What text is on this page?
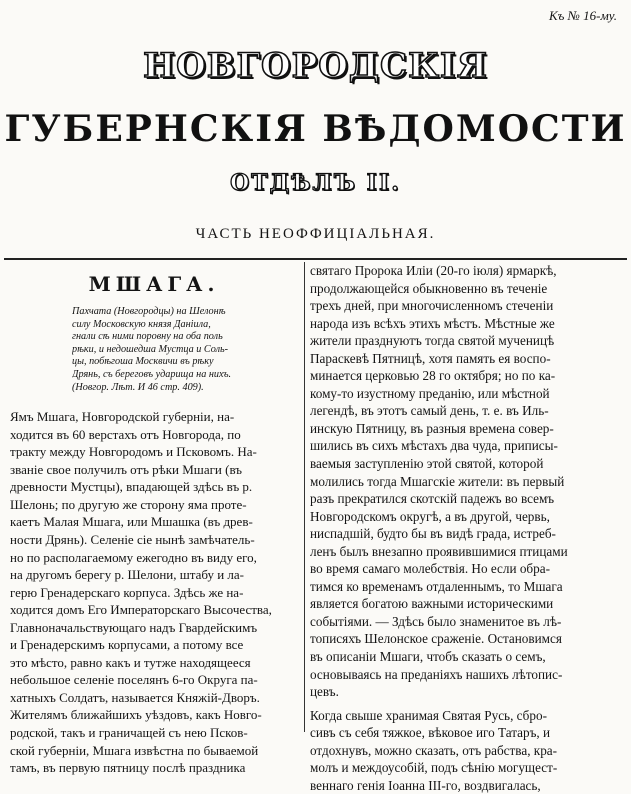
Къ № 16-му.
НОВГОРОДСКІЯ
ГУБЕРНСКІЯ ВѢДОМОСТИ
ОТДѢЛЪ II.
ЧАСТЬ НЕОФФИЦІАЛЬНАЯ.
МШАГА.
Пахчата (Новгородцы) на Шелонѣ
силу Московскую князя Даніила,
гнали сѣ ними поровну на оба поль
рѣки, и недошедша Мустца и Соль-
цы, побѣгоша Москвичи въ рѣку
Дрянь, съ береговъ ударища на нихъ.
(Новгор. Лѣт. И 46 стр. 409).
Ямъ Мшага, Новгородской губерніи, на-
ходится въ 60 верстахъ отъ Новгорода, по
тракту между Новгородомъ и Псковомъ. На-
званіе свое получилъ отъ рѣки Мшаги (въ
древности Мустцы), впадающей здѣсь въ р.
Шелонь; по другую же сторону яма проте-
каетъ Малая Мшага, или Мшашка (въ древ-
ности Дрянь). Селеніе сіе нынѣ замѣчатель-
но по располагаемому ежегодно въ виду его,
на другомъ берегу р. Шелони, штабу и ла-
герю Гренадерскаго корпуса. Здѣсь же на-
ходится домъ Его Императорскаго Высочества,
Главноначальствующаго надъ Гвардейскимъ
и Гренадерскимъ корпусами, а потому все
это мѣсто, равно какъ и тутже находящееся
небольшое селеніе поселянъ 6-го Округа па-
хатныхъ Солдатъ, называется Княжій-Дворъ.
Жителямъ ближайшихъ уѣздовъ, какъ Новго-
родской, такъ и граничащей съ нею Псков-
ской губерніи, Мшага извѣстна по бываемой
тамъ, въ первую пятницу послѣ праздника
святаго Пророка Иліи (20-го іюля) ярмаркѣ,
продолжающейся обыкновенно въ теченіе
трехъ дней, при многочисленномъ стеченіи
народа изъ всѣхъ этихъ мѣстъ. Мѣстные же
жители празднуютъ тогда святой мученицѣ
Параскевѣ Пятницѣ, хотя память ея воспо-
минается церковью 28 го октября; но по ка-
кому-то изустному преданію, или мѣстной
легендѣ, въ этотъ самый день, т. е. въ Иль-
инскую Пятницу, въ разныя времена совер-
шились въ сихъ мѣстахъ два чуда, приписы-
ваемыя заступленію этой святой, которой
молились тогда Мшагскіе жители: въ первый
разъ прекратился скотскій падежъ во всемъ
Новгородскомъ округѣ, а въ другой, червь,
ниспадшій, будто бы въ видѣ града, истреб-
ленъ былъ внезапно проявившимися птицами
во время самаго молебствія. Но если обра-
тимся ко временамъ отдаленнымъ, то Мшага
является богатою важными историческими
событіями. — Здѣсь было знаменитое въ лѣ-
тописяхъ Шелонское сраженіе. Остановимся
въ описаніи Мшаги, чтобъ сказать о семъ,
основываясь на преданіяхъ нашихъ лѣтопис-
цевъ.
Когда свыше хранимая Святая Русь, сбро-
сивъ съ себя тяжкое, вѣковое иго Татаръ, и
отдохнувъ, можно сказать, отъ рабства, кра-
молъ и междоусобій, подъ сѣнію могущест-
веннаго генія Іоанна III-го, воздвигалась,
